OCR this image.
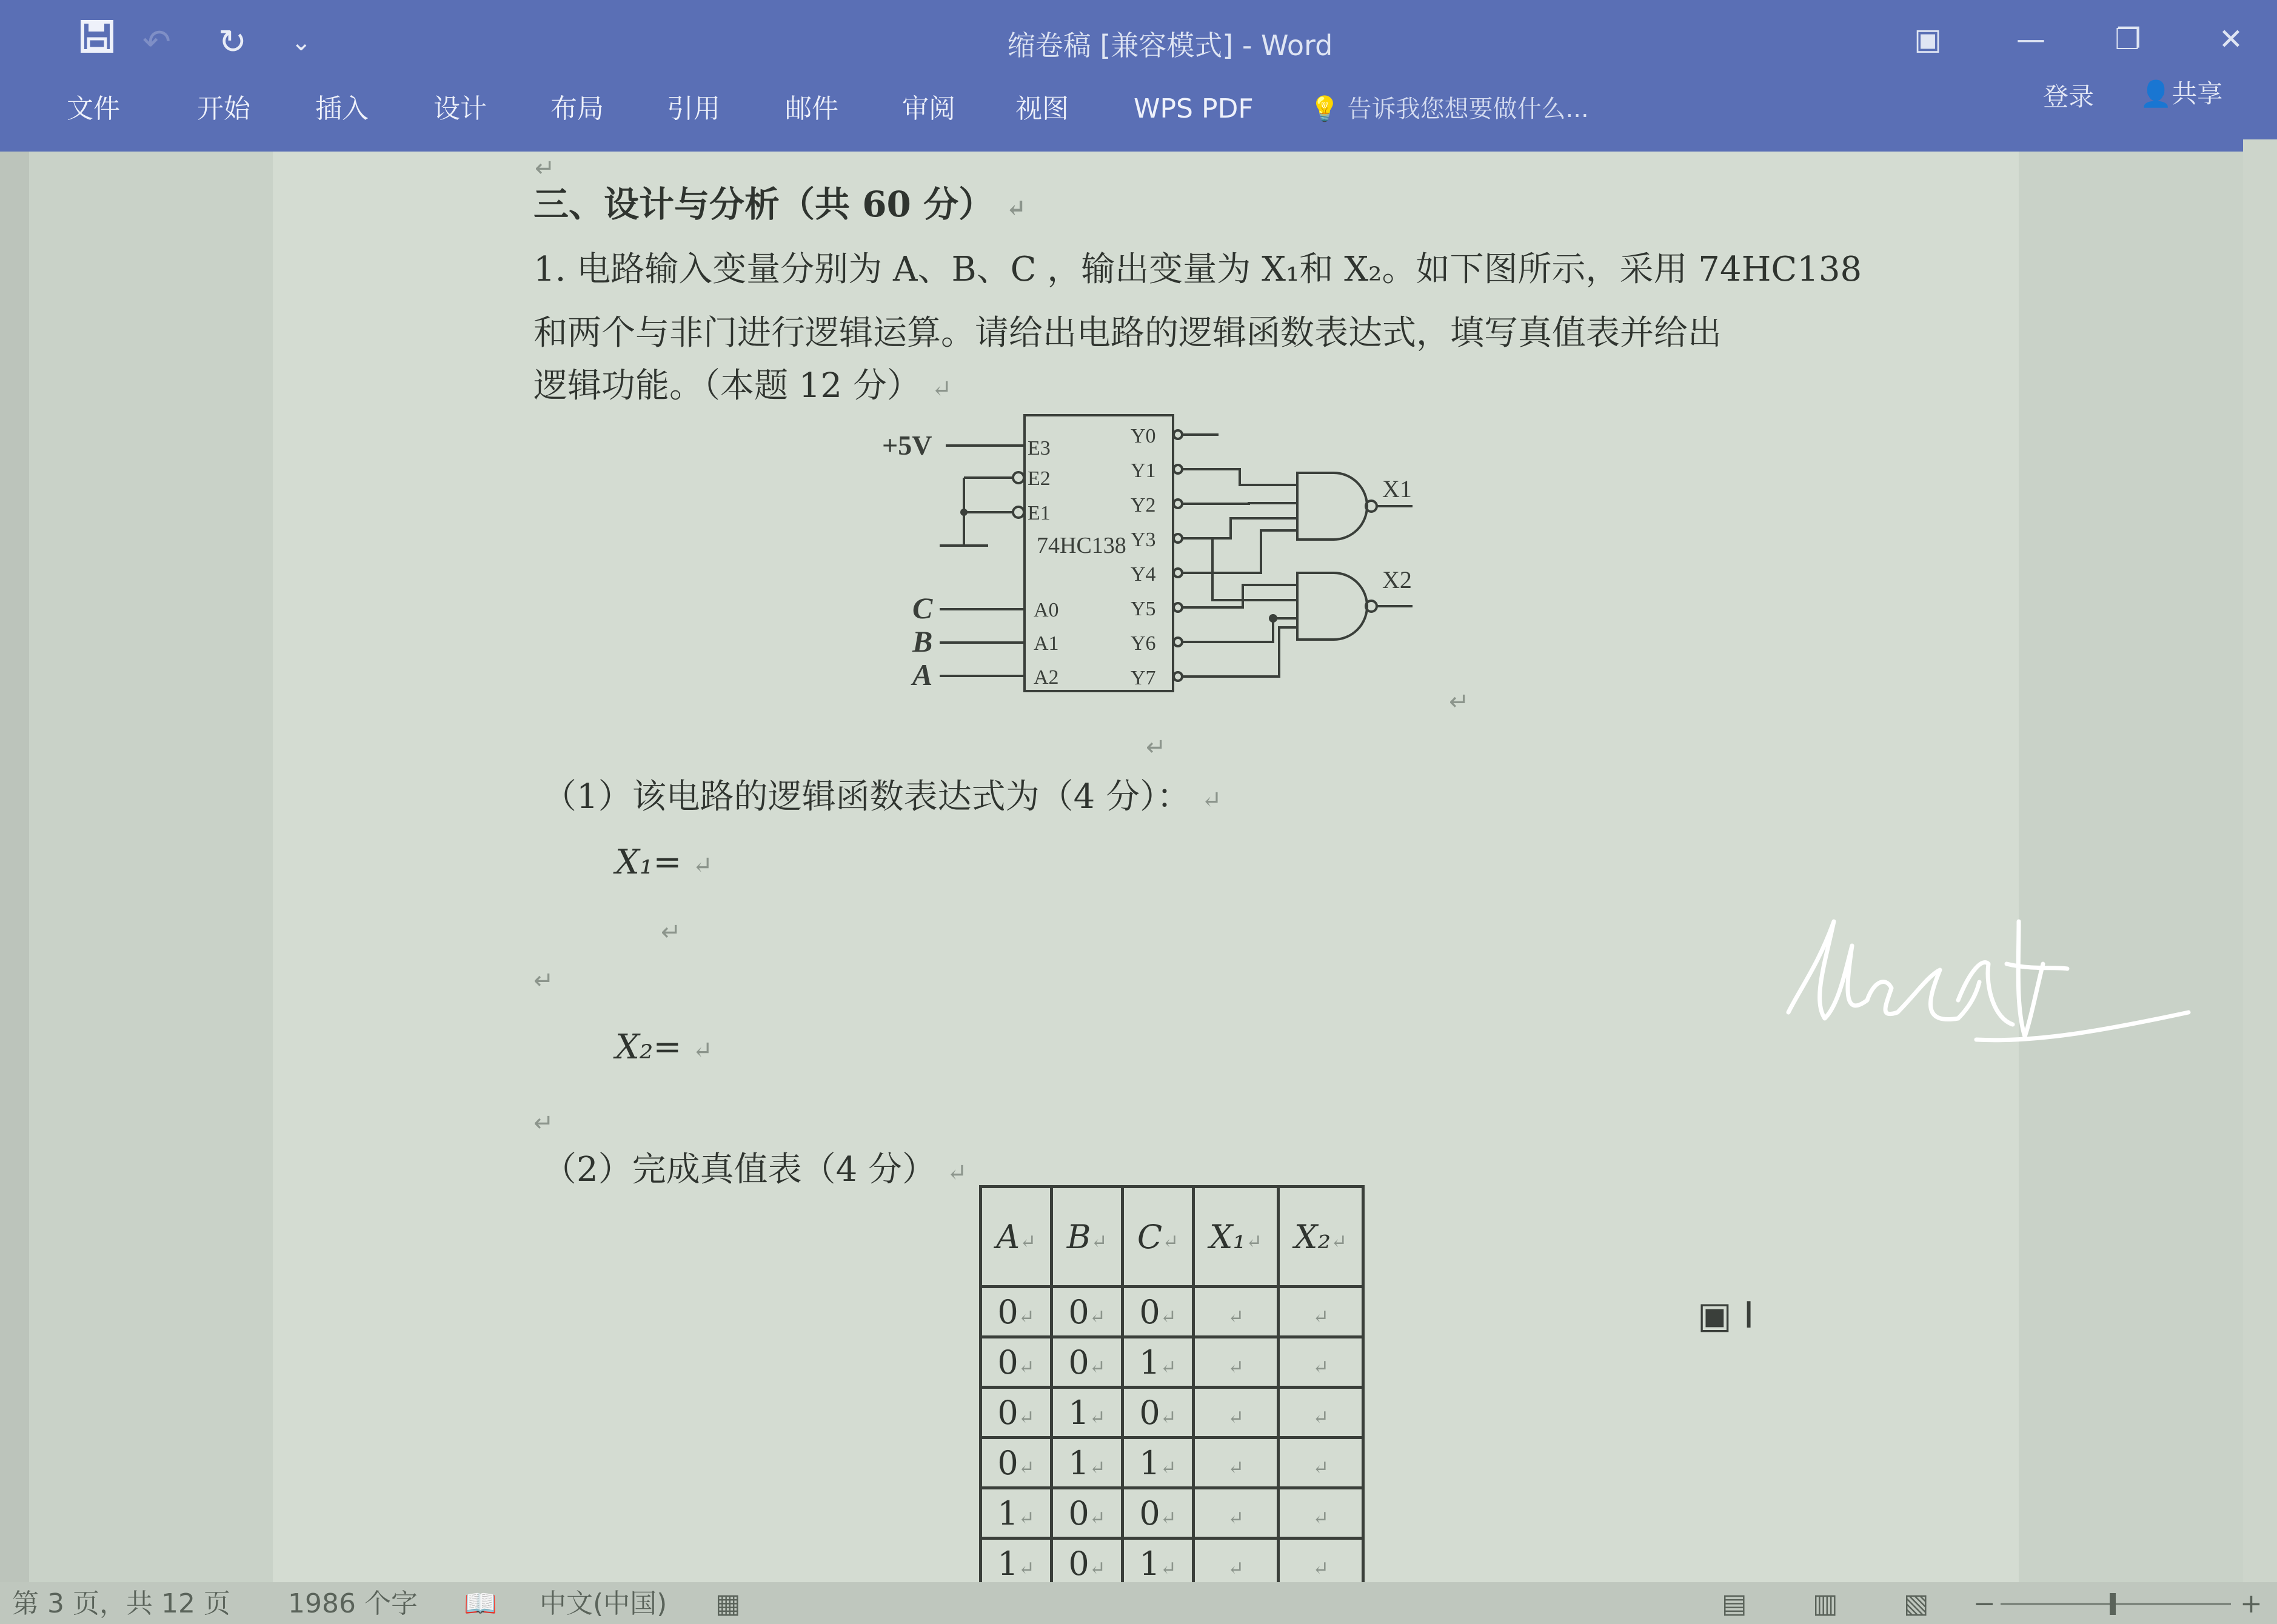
↶ ↻ ⌄	缩卷稿 [兼容模式] - Word	▣	—	❐	✕
文件	开始 插入 设计 布局 引用 邮件 审阅 视图 WPS PDF 💡 告诉我您想要做什么...	登录 👤共享
↵
三、设计与分析（共 60 分） ↵
1. 电路输入变量分别为 A、B、C ，输出变量为 X₁和 X₂。如下图所示，采用 74HC138
和两个与非门进行逻辑运算。请给出电路的逻辑函数表达式，填写真值表并给出
逻辑功能。（本题 12 分） ↵
+5V
74HC138
E3
E2
E1
A0
A1
A2
Y0
Y1
Y2
Y3
Y4
Y5
Y6
Y7
C
B
A
X1
X2
↵
↵
（1）该电路的逻辑函数表达式为（4 分）： ↵
X₁= ↵
↵
↵
X₂= ↵
↵
（2）完成真值表（4 分） ↵
A↵	B↵	C↵	X₁↵	X₂↵
0↵	0↵	0↵	↵	↵
0↵	0↵	1↵	↵	↵
0↵	1↵	0↵	↵	↵
0↵	1↵	1↵	↵	↵
1↵	0↵	0↵	↵	↵
1↵	0↵	1↵	↵	↵
▣ I
第 3 页，共 12 页 1986 个字 📖 中文(中国) ▦	▤ ▥ ▧ −	+
